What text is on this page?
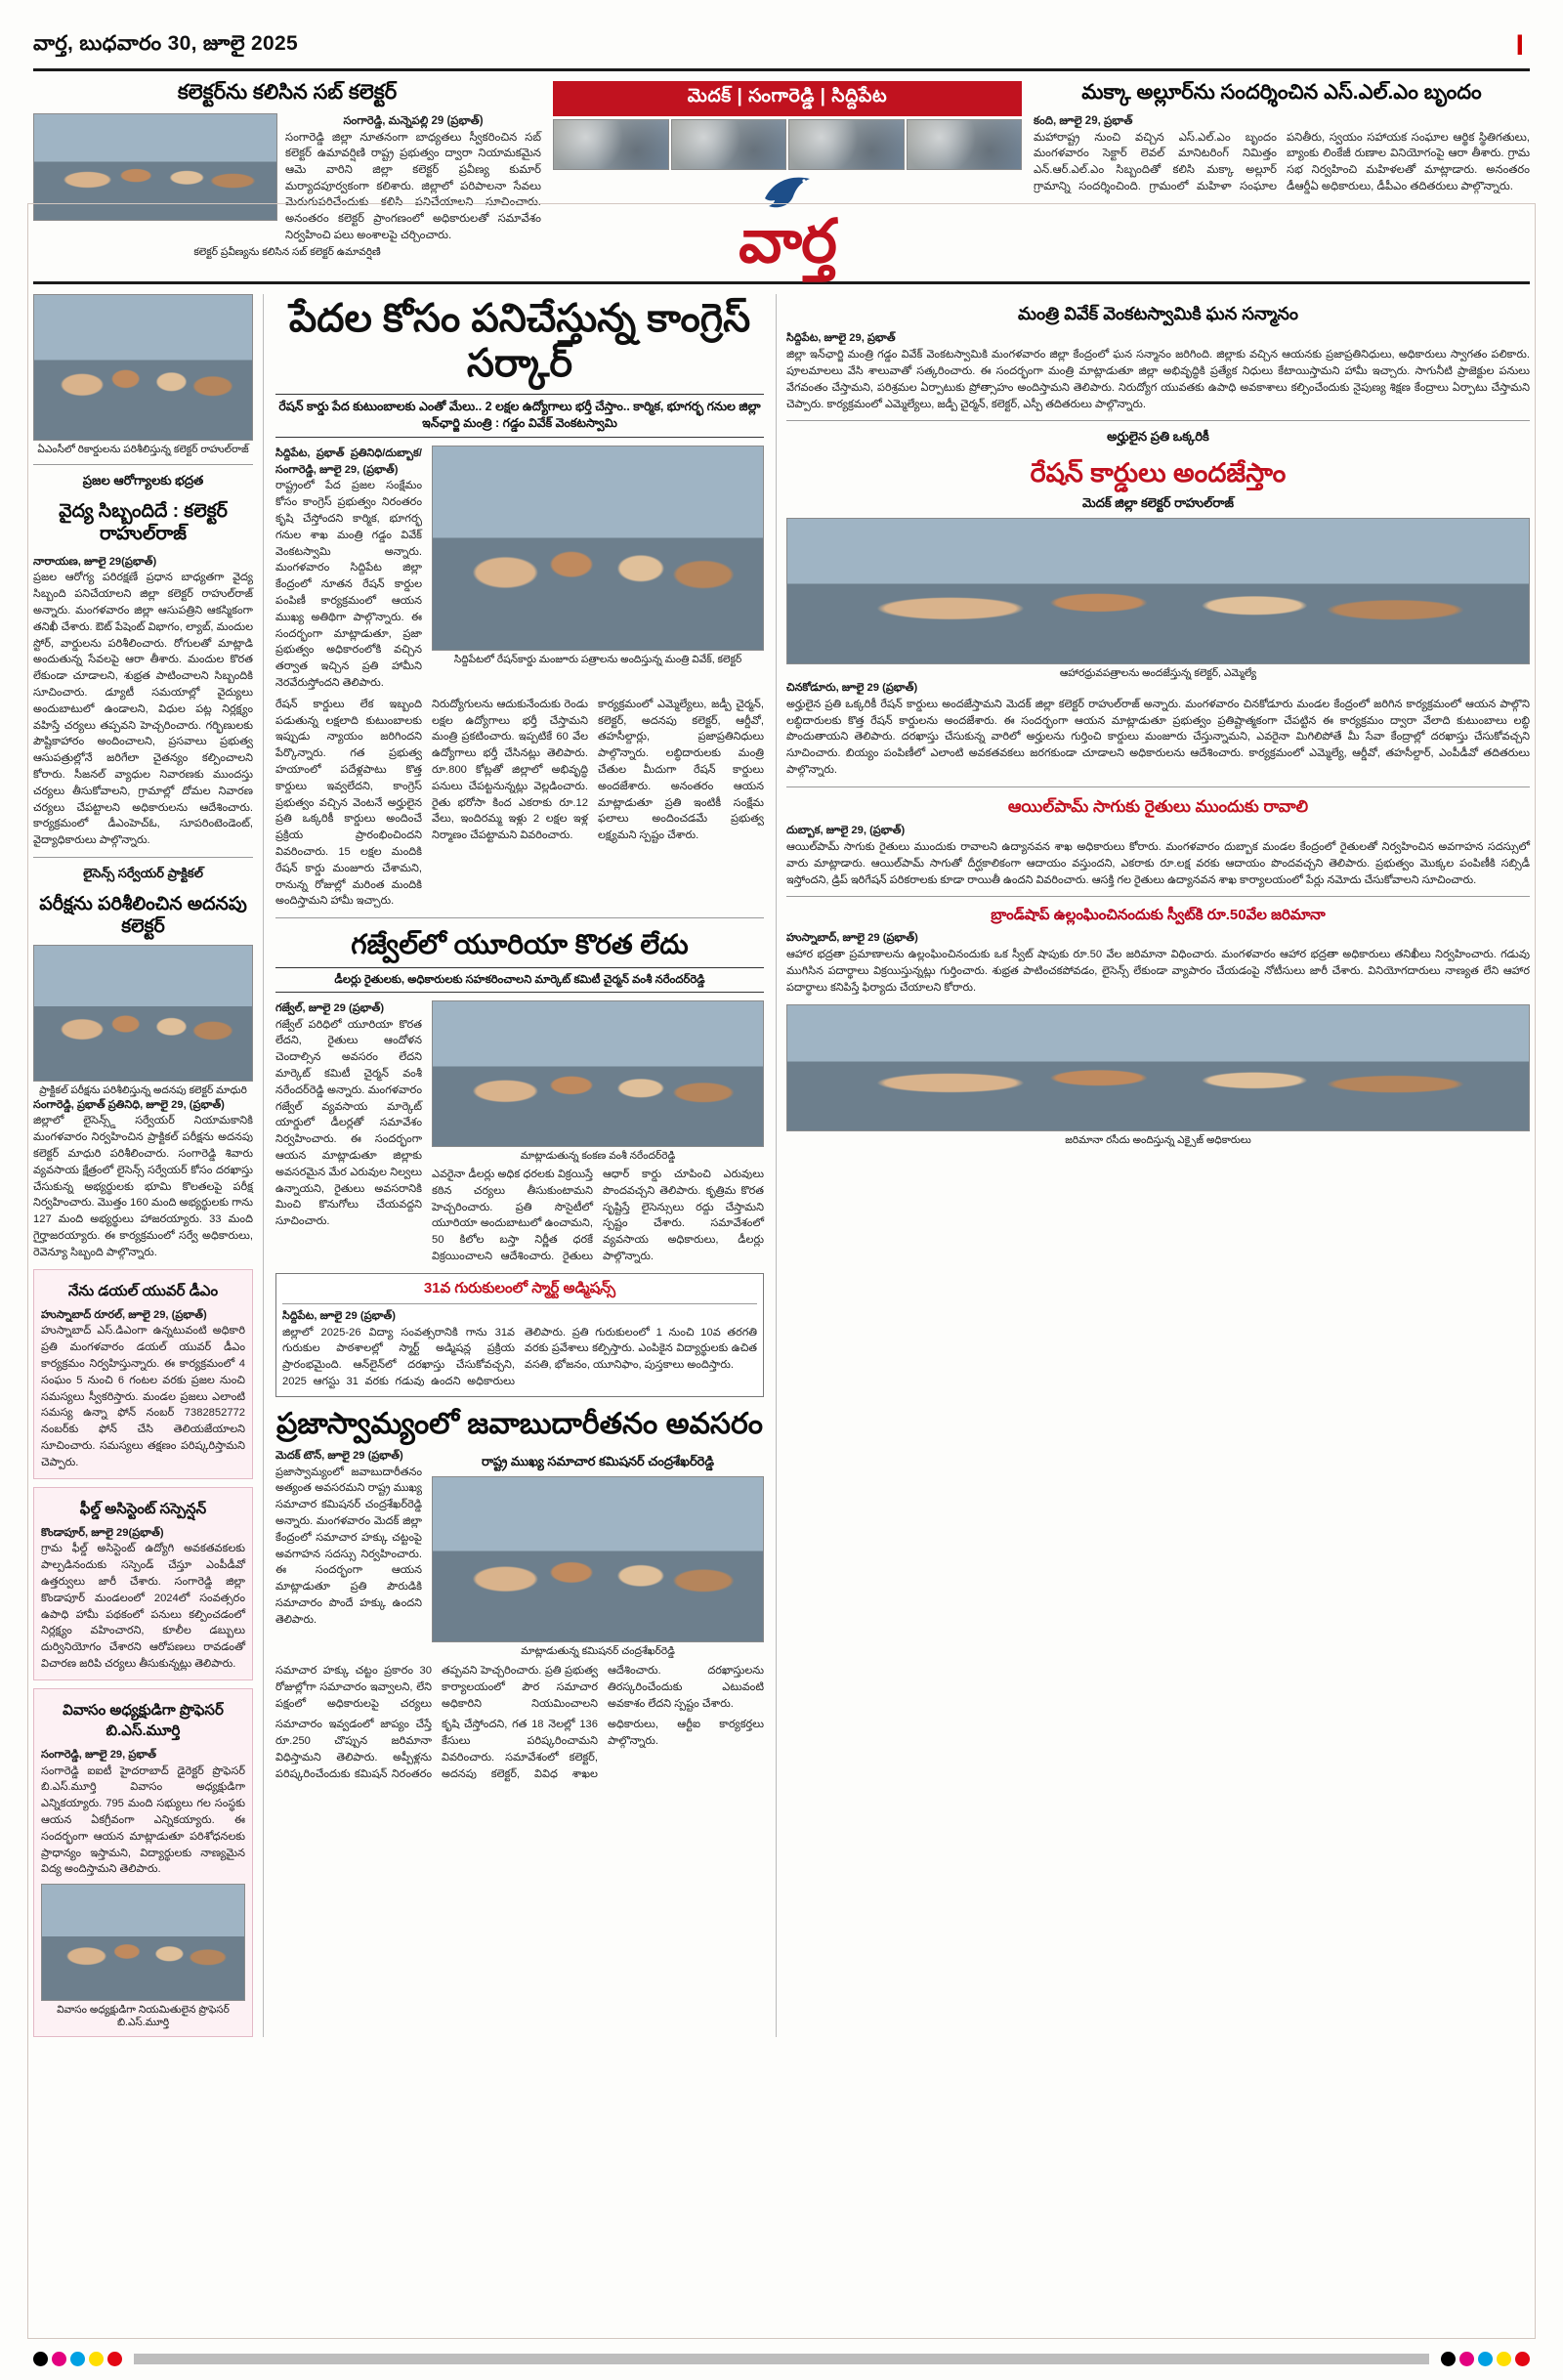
వార్త, బుధవారం 30, జూలై 2025	I
కలెక్టర్‌ను కలిసిన సబ్ కలెక్టర్
సంగారెడ్డి, మన్నెపల్లి 29 (ప్రభాత్‌)
సంగారెడ్డి జిల్లా నూతనంగా బాధ్యతలు స్వీకరించిన సబ్ కలెక్టర్ ఉమావర్షిణి రాష్ట్ర ప్రభుత్వం ద్వారా నియామకమైన ఆమె వారిని జిల్లా కలెక్టర్ ప్రవీణ్య కుమార్ మర్యాదపూర్వకంగా కలిశారు. జిల్లాలో పరిపాలనా సేవలు మెరుగుపరిచేందుకు కలిసి పనిచేయాలని సూచించారు. అనంతరం కలెక్టర్ ప్రాంగణంలో అధికారులతో సమావేశం నిర్వహించి పలు అంశాలపై చర్చించారు.
కలెక్టర్ ప్రవీణ్యను కలిసిన సబ్ కలెక్టర్ ఉమావర్షిణి
మెదక్ | సంగారెడ్డి | సిద్దిపేట
వార్త
మక్కా అల్లూర్‌ను సందర్శించిన ఎస్.ఎల్.ఎం బృందం
కంది, జూలై 29, ప్రభాత్
మహారాష్ట్ర నుంచి వచ్చిన ఎస్.ఎల్.ఎం బృందం మంగళవారం సెక్టార్ లెవల్ మానిటరింగ్ నిమిత్తం ఎన్.ఆర్.ఎల్.ఎం సిబ్బందితో కలిసి మక్కా అల్లూర్ గ్రామాన్ని సందర్శించింది. గ్రామంలో మహిళా సంఘాల పనితీరు, స్వయం సహాయక సంఘాల ఆర్థిక స్థితిగతులు, బ్యాంకు లింకేజీ రుణాల వినియోగంపై ఆరా తీశారు. గ్రామ సభ నిర్వహించి మహిళలతో మాట్లాడారు. అనంతరం డీఆర్డీఏ అధికారులు, డీపీఎం తదితరులు పాల్గొన్నారు.
ఏఎంసీలో రికార్డులను పరిశీలిస్తున్న కలెక్టర్ రాహుల్‌రాజ్
ప్రజల ఆరోగ్యాలకు భద్రత
వైద్య సిబ్బందిదే : కలెక్టర్ రాహుల్‌రాజ్
నారాయణ, జూలై 29(ప్రభాత్)
ప్రజల ఆరోగ్య పరిరక్షణే ప్రధాన బాధ్యతగా వైద్య సిబ్బంది పనిచేయాలని జిల్లా కలెక్టర్ రాహుల్‌రాజ్ అన్నారు. మంగళవారం జిల్లా ఆసుపత్రిని ఆకస్మికంగా తనిఖీ చేశారు. ఔట్ పేషెంట్ విభాగం, ల్యాబ్, మందుల స్టోర్, వార్డులను పరిశీలించారు. రోగులతో మాట్లాడి అందుతున్న సేవలపై ఆరా తీశారు. మందుల కొరత లేకుండా చూడాలని, శుభ్రత పాటించాలని సిబ్బందికి సూచించారు. డ్యూటీ సమయాల్లో వైద్యులు అందుబాటులో ఉండాలని, విధుల పట్ల నిర్లక్ష్యం వహిస్తే చర్యలు తప్పవని హెచ్చరించారు. గర్భిణులకు పౌష్టికాహారం అందించాలని, ప్రసవాలు ప్రభుత్వ ఆసుపత్రుల్లోనే జరిగేలా చైతన్యం కల్పించాలని కోరారు. సీజనల్ వ్యాధుల నివారణకు ముందస్తు చర్యలు తీసుకోవాలని, గ్రామాల్లో దోమల నివారణ చర్యలు చేపట్టాలని అధికారులను ఆదేశించారు. కార్యక్రమంలో డీఎంహెచ్ఓ, సూపరింటెండెంట్, వైద్యాధికారులు పాల్గొన్నారు.
లైసెన్స్ సర్వేయర్ ప్రాక్టికల్
పరీక్షను పరిశీలించిన అదనపు కలెక్టర్
ప్రాక్టికల్ పరీక్షను పరిశీలిస్తున్న అదనపు కలెక్టర్ మాధురి
సంగారెడ్డి, ప్రభాత్ ప్రతినిధి, జూలై 29, (ప్రభాత్)
జిల్లాలో లైసెన్స్డ్ సర్వేయర్ నియామకానికి మంగళవారం నిర్వహించిన ప్రాక్టికల్ పరీక్షను అదనపు కలెక్టర్ మాధురి పరిశీలించారు. సంగారెడ్డి శివారు వ్యవసాయ క్షేత్రంలో లైసెన్స్ సర్వేయర్ కోసం దరఖాస్తు చేసుకున్న అభ్యర్థులకు భూమి కొలతలపై పరీక్ష నిర్వహించారు. మొత్తం 160 మంది అభ్యర్థులకు గాను 127 మంది అభ్యర్థులు హాజరయ్యారు. 33 మంది గైర్హాజరయ్యారు. ఈ కార్యక్రమంలో సర్వే అధికారులు, రెవెన్యూ సిబ్బంది పాల్గొన్నారు.
నేను డయల్ యువర్ డీఎం
హుస్నాబాద్ రూరల్, జూలై 29, (ప్రభాత్)
హుస్నాబాద్ ఎస్.డిఎంగా ఉన్నటువంటి అధికారి ప్రతి మంగళవారం డయల్ యువర్ డీఎం కార్యక్రమం నిర్వహిస్తున్నారు. ఈ కార్యక్రమంలో 4 సంఘం 5 నుంచి 6 గంటల వరకు ప్రజల నుంచి సమస్యలు స్వీకరిస్తారు. మండల ప్రజలు ఎలాంటి సమస్య ఉన్నా ఫోన్ నంబర్ 7382852772 నంబర్‌కు ఫోన్ చేసి తెలియజేయాలని సూచించారు. సమస్యలు తక్షణం పరిష్కరిస్తామని చెప్పారు.
ఫీల్డ్ అసిస్టెంట్ సస్పెన్షన్
కొండాపూర్, జూలై 29(ప్రభాత్)
గ్రామ ఫీల్డ్ అసిస్టెంట్ ఉద్యోగి అవకతవకలకు పాల్పడినందుకు సస్పెండ్ చేస్తూ ఎంపీడీవో ఉత్తర్వులు జారీ చేశారు. సంగారెడ్డి జిల్లా కొండాపూర్ మండలంలో 2024లో సంవత్సరం ఉపాధి హామీ పథకంలో పనులు కల్పించడంలో నిర్లక్ష్యం వహించారని, కూలీల డబ్బులు దుర్వినియోగం చేశారని ఆరోపణలు రావడంతో విచారణ జరిపి చర్యలు తీసుకున్నట్లు తెలిపారు.
వివాసం అధ్యక్షుడిగా ప్రొఫెసర్ బి.ఎస్.మూర్తి
సంగారెడ్డి, జూలై 29, ప్రభాత్
సంగారెడ్డి ఐఐటీ హైదరాబాద్ డైరెక్టర్ ప్రొఫెసర్ బి.ఎస్.మూర్తి వివాసం అధ్యక్షుడిగా ఎన్నికయ్యారు. 795 మంది సభ్యులు గల సంస్థకు ఆయన ఏకగ్రీవంగా ఎన్నికయ్యారు. ఈ సందర్భంగా ఆయన మాట్లాడుతూ పరిశోధనలకు ప్రాధాన్యం ఇస్తామని, విద్యార్థులకు నాణ్యమైన విద్య అందిస్తామని తెలిపారు.
వివాసం అధ్యక్షుడిగా నియమితులైన ప్రొఫెసర్ బి.ఎస్.మూర్తి
పేదల కోసం పనిచేస్తున్న కాంగ్రెస్ సర్కార్
రేషన్ కార్డు పేద కుటుంబాలకు ఎంతో మేలు.. 2 లక్షల ఉద్యోగాలు భర్తీ చేస్తాం.. కార్మిక, భూగర్భ గనుల జిల్లా ఇన్‌ఛార్జి మంత్రి : గడ్డం వివేక్ వెంకటస్వామి
సిద్దిపేట, ప్రభాత్ ప్రతినిధి/దుబ్బాక/సంగారెడ్డి, జూలై 29, (ప్రభాత్)
రాష్ట్రంలో పేద ప్రజల సంక్షేమం కోసం కాంగ్రెస్ ప్రభుత్వం నిరంతరం కృషి చేస్తోందని కార్మిక, భూగర్భ గనుల శాఖ మంత్రి గడ్డం వివేక్ వెంకటస్వామి అన్నారు. మంగళవారం సిద్దిపేట జిల్లా కేంద్రంలో నూతన రేషన్ కార్డుల పంపిణీ కార్యక్రమంలో ఆయన ముఖ్య అతిథిగా పాల్గొన్నారు. ఈ సందర్భంగా మాట్లాడుతూ, ప్రజా ప్రభుత్వం అధికారంలోకి వచ్చిన తర్వాత ఇచ్చిన ప్రతి హామీని నెరవేరుస్తోందని తెలిపారు.
సిద్దిపేటలో రేషన్‌కార్డు మంజూరు పత్రాలను అందిస్తున్న మంత్రి వివేక్, కలెక్టర్
రేషన్ కార్డులు లేక ఇబ్బంది పడుతున్న లక్షలాది కుటుంబాలకు ఇప్పుడు న్యాయం జరిగిందని పేర్కొన్నారు. గత ప్రభుత్వ హయాంలో పదేళ్లపాటు కొత్త కార్డులు ఇవ్వలేదని, కాంగ్రెస్ ప్రభుత్వం వచ్చిన వెంటనే అర్హులైన ప్రతి ఒక్కరికీ కార్డులు అందించే ప్రక్రియ ప్రారంభించిందని వివరించారు. 15 లక్షల మందికి రేషన్ కార్డు మంజూరు చేశామని, రానున్న రోజుల్లో మరింత మందికి అందిస్తామని హామీ ఇచ్చారు.
నిరుద్యోగులను ఆదుకునేందుకు రెండు లక్షల ఉద్యోగాలు భర్తీ చేస్తామని మంత్రి ప్రకటించారు. ఇప్పటికే 60 వేల ఉద్యోగాలు భర్తీ చేసినట్లు తెలిపారు. రూ.800 కోట్లతో జిల్లాలో అభివృద్ధి పనులు చేపట్టనున్నట్లు వెల్లడించారు. రైతు భరోసా కింద ఎకరాకు రూ.12 వేలు, ఇందిరమ్మ ఇళ్లు 2 లక్షల ఇళ్ల నిర్మాణం చేపట్టామని వివరించారు.
కార్యక్రమంలో ఎమ్మెల్యేలు, జడ్పీ చైర్మన్, కలెక్టర్, అదనపు కలెక్టర్, ఆర్డీవో, తహసీల్దార్లు, ప్రజాప్రతినిధులు పాల్గొన్నారు. లబ్ధిదారులకు మంత్రి చేతుల మీదుగా రేషన్ కార్డులు అందజేశారు. అనంతరం ఆయన మాట్లాడుతూ ప్రతి ఇంటికీ సంక్షేమ ఫలాలు అందించడమే ప్రభుత్వ లక్ష్యమని స్పష్టం చేశారు.
గజ్వేల్‌లో యూరియా కొరత లేదు
డీలర్లు రైతులకు, అధికారులకు సహకరించాలని మార్కెట్ కమిటీ చైర్మన్ వంశీ నరేందర్‌రెడ్డి
గజ్వేల్, జూలై 29 (ప్రభాత్)
గజ్వేల్ పరిధిలో యూరియా కొరత లేదని, రైతులు ఆందోళన చెందాల్సిన అవసరం లేదని మార్కెట్ కమిటీ చైర్మన్ వంశీ నరేందర్‌రెడ్డి అన్నారు. మంగళవారం గజ్వేల్ వ్యవసాయ మార్కెట్ యార్డులో డీలర్లతో సమావేశం నిర్వహించారు. ఈ సందర్భంగా ఆయన మాట్లాడుతూ జిల్లాకు అవసరమైన మేర ఎరువుల నిల్వలు ఉన్నాయని, రైతులు అవసరానికి మించి కొనుగోలు చేయవద్దని సూచించారు.
మాట్లాడుతున్న కంకణ వంశీ నరేందర్‌రెడ్డి
ఎవరైనా డీలర్లు అధిక ధరలకు విక్రయిస్తే కఠిన చర్యలు తీసుకుంటామని హెచ్చరించారు. ప్రతి సొసైటీలో యూరియా అందుబాటులో ఉంచామని, 50 కిలోల బస్తా నిర్ణీత ధరకే విక్రయించాలని ఆదేశించారు. రైతులు ఆధార్ కార్డు చూపించి ఎరువులు పొందవచ్చని తెలిపారు. కృత్రిమ కొరత సృష్టిస్తే లైసెన్సులు రద్దు చేస్తామని స్పష్టం చేశారు. సమావేశంలో వ్యవసాయ అధికారులు, డీలర్లు పాల్గొన్నారు.
31వ గురుకులంలో స్మార్ట్ అడ్మిషన్స్
సిద్దిపేట, జూలై 29 (ప్రభాత్)
జిల్లాలో 2025-26 విద్యా సంవత్సరానికి గాను 31వ గురుకుల పాఠశాలల్లో స్మార్ట్ అడ్మిషన్ల ప్రక్రియ ప్రారంభమైంది. ఆన్‌లైన్‌లో దరఖాస్తు చేసుకోవచ్చని, 2025 ఆగస్టు 31 వరకు గడువు ఉందని అధికారులు తెలిపారు. ప్రతి గురుకులంలో 1 నుంచి 10వ తరగతి వరకు ప్రవేశాలు కల్పిస్తారు. ఎంపికైన విద్యార్థులకు ఉచిత వసతి, భోజనం, యూనిఫాం, పుస్తకాలు అందిస్తారు.
ప్రజాస్వామ్యంలో జవాబుదారీతనం అవసరం
మెదక్ టౌన్, జూలై 29 (ప్రభాత్)
ప్రజాస్వామ్యంలో జవాబుదారీతనం అత్యంత అవసరమని రాష్ట్ర ముఖ్య సమాచార కమిషనర్ చంద్రశేఖర్‌రెడ్డి అన్నారు. మంగళవారం మెదక్ జిల్లా కేంద్రంలో సమాచార హక్కు చట్టంపై అవగాహన సదస్సు నిర్వహించారు. ఈ సందర్భంగా ఆయన మాట్లాడుతూ ప్రతి పౌరుడికి సమాచారం పొందే హక్కు ఉందని తెలిపారు.
రాష్ట్ర ముఖ్య సమాచార కమిషనర్ చంద్రశేఖర్‌రెడ్డి
మాట్లాడుతున్న కమిషనర్ చంద్రశేఖర్‌రెడ్డి
సమాచార హక్కు చట్టం ప్రకారం 30 రోజుల్లోగా సమాచారం ఇవ్వాలని, లేని పక్షంలో అధికారులపై చర్యలు తప్పవని హెచ్చరించారు. ప్రతి ప్రభుత్వ కార్యాలయంలో పౌర సమాచార అధికారిని నియమించాలని ఆదేశించారు. దరఖాస్తులను తిరస్కరించేందుకు ఎటువంటి అవకాశం లేదని స్పష్టం చేశారు.
సమాచారం ఇవ్వడంలో జాప్యం చేస్తే రూ.250 చొప్పున జరిమానా విధిస్తామని తెలిపారు. అప్పీళ్లను పరిష్కరించేందుకు కమిషన్ నిరంతరం కృషి చేస్తోందని, గత 18 నెలల్లో 136 కేసులు పరిష్కరించామని వివరించారు. సమావేశంలో కలెక్టర్, అదనపు కలెక్టర్, వివిధ శాఖల అధికారులు, ఆర్టీఐ కార్యకర్తలు పాల్గొన్నారు.
మంత్రి వివేక్ వెంకటస్వామికి ఘన సన్మానం
సిద్దిపేట, జూలై 29, ప్రభాత్
జిల్లా ఇన్‌ఛార్జి మంత్రి గడ్డం వివేక్ వెంకటస్వామికి మంగళవారం జిల్లా కేంద్రంలో ఘన సన్మానం జరిగింది. జిల్లాకు వచ్చిన ఆయనకు ప్రజాప్రతినిధులు, అధికారులు స్వాగతం పలికారు. పూలమాలలు వేసి శాలువాతో సత్కరించారు. ఈ సందర్భంగా మంత్రి మాట్లాడుతూ జిల్లా అభివృద్ధికి ప్రత్యేక నిధులు కేటాయిస్తామని హామీ ఇచ్చారు. సాగునీటి ప్రాజెక్టుల పనులు వేగవంతం చేస్తామని, పరిశ్రమల ఏర్పాటుకు ప్రోత్సాహం అందిస్తామని తెలిపారు. నిరుద్యోగ యువతకు ఉపాధి అవకాశాలు కల్పించేందుకు నైపుణ్య శిక్షణ కేంద్రాలు ఏర్పాటు చేస్తామని చెప్పారు. కార్యక్రమంలో ఎమ్మెల్యేలు, జడ్పీ చైర్మన్, కలెక్టర్, ఎస్పీ తదితరులు పాల్గొన్నారు.
అర్హులైన ప్రతి ఒక్కరికీ
రేషన్ కార్డులు అందజేస్తాం
మెదక్ జిల్లా కలెక్టర్ రాహుల్‌రాజ్
ఆహారధ్రువపత్రాలను అందజేస్తున్న కలెక్టర్, ఎమ్మెల్యే
చినకోడూరు, జూలై 29 (ప్రభాత్)
అర్హులైన ప్రతి ఒక్కరికీ రేషన్ కార్డులు అందజేస్తామని మెదక్ జిల్లా కలెక్టర్ రాహుల్‌రాజ్ అన్నారు. మంగళవారం చినకోడూరు మండల కేంద్రంలో జరిగిన కార్యక్రమంలో ఆయన పాల్గొని లబ్ధిదారులకు కొత్త రేషన్ కార్డులను అందజేశారు. ఈ సందర్భంగా ఆయన మాట్లాడుతూ ప్రభుత్వం ప్రతిష్టాత్మకంగా చేపట్టిన ఈ కార్యక్రమం ద్వారా వేలాది కుటుంబాలు లబ్ధి పొందుతాయని తెలిపారు. దరఖాస్తు చేసుకున్న వారిలో అర్హులను గుర్తించి కార్డులు మంజూరు చేస్తున్నామని, ఎవరైనా మిగిలిపోతే మీ సేవా కేంద్రాల్లో దరఖాస్తు చేసుకోవచ్చని సూచించారు. బియ్యం పంపిణీలో ఎలాంటి అవకతవకలు జరగకుండా చూడాలని అధికారులను ఆదేశించారు. కార్యక్రమంలో ఎమ్మెల్యే, ఆర్డీవో, తహసీల్దార్, ఎంపీడీవో తదితరులు పాల్గొన్నారు.
ఆయిల్‌పామ్ సాగుకు రైతులు ముందుకు రావాలి
దుబ్బాక, జూలై 29, (ప్రభాత్)
ఆయిల్‌పామ్ సాగుకు రైతులు ముందుకు రావాలని ఉద్యానవన శాఖ అధికారులు కోరారు. మంగళవారం దుబ్బాక మండల కేంద్రంలో రైతులతో నిర్వహించిన అవగాహన సదస్సులో వారు మాట్లాడారు. ఆయిల్‌పామ్ సాగుతో దీర్ఘకాలికంగా ఆదాయం వస్తుందని, ఎకరాకు రూ.లక్ష వరకు ఆదాయం పొందవచ్చని తెలిపారు. ప్రభుత్వం మొక్కల పంపిణీకి సబ్సిడీ ఇస్తోందని, డ్రిప్ ఇరిగేషన్ పరికరాలకు కూడా రాయితీ ఉందని వివరించారు. ఆసక్తి గల రైతులు ఉద్యానవన శాఖ కార్యాలయంలో పేర్లు నమోదు చేసుకోవాలని సూచించారు.
బ్రాండ్‌షాప్ ఉల్లంఘించినందుకు స్వీట్‌కి రూ.50వేల జరిమానా
హుస్నాబాద్, జూలై 29 (ప్రభాత్)
ఆహార భద్రతా ప్రమాణాలను ఉల్లంఘించినందుకు ఒక స్వీట్ షాపుకు రూ.50 వేల జరిమానా విధించారు. మంగళవారం ఆహార భద్రతా అధికారులు తనిఖీలు నిర్వహించారు. గడువు ముగిసిన పదార్థాలు విక్రయిస్తున్నట్లు గుర్తించారు. శుభ్రత పాటించకపోవడం, లైసెన్స్ లేకుండా వ్యాపారం చేయడంపై నోటీసులు జారీ చేశారు. వినియోగదారులు నాణ్యత లేని ఆహార పదార్థాలు కనిపిస్తే ఫిర్యాదు చేయాలని కోరారు.
జరిమానా రసీదు అందిస్తున్న ఎక్సైజ్ అధికారులు
